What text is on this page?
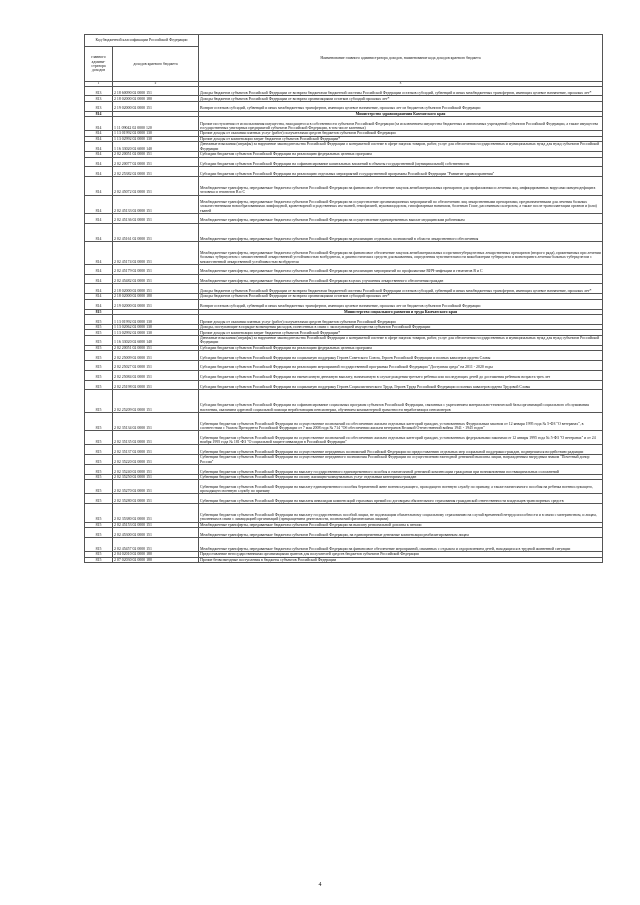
Код бюджетной классификации Российской Федерации		Наименование главного администратора доходов, наименование кода доходов краевого бюджета
главного админи-стратора доходов	доходов краевого бюджета	
1	2	3
813	2 18 60090 02 0000 151	Доходы бюджетов субъектов Российской Федерации от возврата бюджетами бюджетной системы Российской Федерации остатков субсидий, субвенций и иных межбюджетных трансфертов, имеющих целевое назначение, прошлых лет*
813	2 18 02000 02 0000 180	Доходы бюджетов субъектов Российской Федерации от возврата организациями остатков субсидий прошлых лет*
813	2 19 02000 02 0000 151	Возврат остатков субсидий, субвенций и иных межбюджетных трансфертов, имеющих целевое назначение, прошлых лет из бюджетов субъектов Российской Федерации
814		Министерство здравоохранения Камчатского края
814	1 11 09042 02 0000 120	Прочие поступления от использования имущества, находящегося в собственности субъектов Российской Федерации (за исключением имущества бюджетных и автономных учреждений субъектов Российской Федерации, а также имущества государственных унитарных предприятий субъектов Российской Федерации, в том числе казенных)
814	1 13 01992 02 0000 130	Прочие доходы от оказания платных услуг (работ) получателями средств бюджетов субъектов Российской Федерации
814	1 13 02992 02 0000 130	Прочие доходы от компенсации затрат бюджетов субъектов Российской Федерации*
814	1 16 33020 02 6000 140	Денежные взыскания (штрафы) за нарушение законодательства Российской Федерации о контрактной системе в сфере закупок товаров, работ, услуг для обеспечения государственных и муниципальных нужд для нужд субъектов Российской Федерации
814	2 02 20051 02 0000 151	Субсидии бюджетам субъектов Российской Федерации на реализацию федеральных целевых программ
814	2 02 20077 02 0000 151	Субсидии бюджетам субъектов Российской Федерации на софинансирование капитальных вложений в объекты государственной (муниципальной) собственности
814	2 02 25382 02 0000 151	Субсидии бюджетам субъектов Российской Федерации на реализацию отдельных мероприятий государственной программы Российской Федерации "Развитие здравоохранения"
814	2 02 45072 02 0000 151	Межбюджетные трансферты, передаваемые бюджетам субъектов Российской Федерации на финансовое обеспечение закупок антибактериальных препаратов для профилактики и лечения лиц, инфицированных вирусами иммунодефицита человека и гепатитов B и C
814	2 02 45133 02 0000 151	Межбюджетные трансферты, передаваемые бюджетам субъектов Российской Федерации на осуществление организационных мероприятий по обеспечению лиц лекарственными препаратами, предназначенными для лечения больных злокачественными новообразованиями лимфоидной, кроветворной и родственных им тканей, гемофилией, муковисцидозом, гипофизарным нанизмом, болезнью Гоше, рассеянным склерозом, а также после трансплантации органов и (или) тканей
814	2 02 45136 02 0000 151	Межбюджетные трансферты, передаваемые бюджетам субъектов Российской Федерации на осуществление единовременных выплат медицинским работникам
814	2 02 45161 02 0000 151	Межбюджетные трансферты, передаваемые бюджетам субъектов Российской Федерации на реализацию отдельных полномочий в области лекарственного обеспечения
814	2 02 45174 02 0000 151	Межбюджетные трансферты, передаваемые бюджетам субъектов Российской Федерации на финансовое обеспечение закупок антибактериальных и противотуберкулезных лекарственных препаратов (второго ряда), применяемых при лечении больных туберкулезом с множественной лекарственной устойчивостью возбудителя, и диагностических средств для выявления, определения чувствительности микобактерии туберкулеза и мониторинга лечения больных туберкулезом с множественной лекарственной устойчивостью возбудителя
814	2 02 45179 02 0000 151	Межбюджетные трансферты, передаваемые бюджетам субъектов Российской Федерации на реализацию мероприятий по профилактике ВИЧ-инфекции и гепатитов B и C
814	2 02 45482 02 0000 151	Межбюджетные трансферты, передаваемые бюджетам субъектов Российской Федерации в целях улучшения лекарственного обеспечения граждан
814	2 18 02000 02 0000 151	Доходы бюджетов субъектов Российской Федерации от возврата бюджетами бюджетной системы Российской Федерации остатков субсидий, субвенций и иных межбюджетных трансфертов, имеющих целевое назначение, прошлых лет*
814	2 18 02000 02 0000 180	Доходы бюджетов субъектов Российской Федерации от возврата организациями остатков субсидий прошлых лет*
814	2 19 02000 02 0000 151	Возврат остатков субсидий, субвенций и иных межбюджетных трансфертов, имеющих целевое назначение, прошлых лет из бюджетов субъектов Российской Федерации
815		Министерство социального развития и труда Камчатского края
815	1 13 01992 02 0000 130	Прочие доходы от оказания платных услуг (работ) получателями средств бюджетов субъектов Российской Федерации
815	1 13 02062 02 0000 130	Доходы, поступающие в порядке возмещения расходов, понесенных в связи с эксплуатацией имущества субъектов Российской Федерации
815	1 13 02992 02 0000 130	Прочие доходы от компенсации затрат бюджетов субъектов Российской Федерации*
815	1 16 33020 02 6000 140	Денежные взыскания (штрафы) за нарушение законодательства Российской Федерации о контрактной системе в сфере закупок товаров, работ, услуг для обеспечения государственных и муниципальных нужд для нужд субъектов Российской Федерации
815	2 02 20051 02 0000 151	Субсидии бюджетам субъектов Российской Федерации на реализацию федеральных целевых программ
815	2 02 25009 02 0000 151	Субсидии бюджетам субъектов Российской Федерации на социальную поддержку Героев Советского Союза, Героев Российской Федерации и полных кавалеров ордена Славы
815	2 02 25027 02 0000 151	Субсидии бюджетам субъектов Российской Федерации на реализацию мероприятий государственной программы Российской Федерации "Доступная среда" на 2011 - 2020 годы
815	2 02 25084 02 0000 151	Субсидии бюджетам субъектов Российской Федерации на ежемесячную денежную выплату, назначаемую в случае рождения третьего ребенка или последующих детей до достижения ребенком возраста трех лет
815	2 02 25198 02 0000 151	Субсидии бюджетам субъектов Российской Федерации на социальную поддержку Героев Социалистического Труда, Героев Труда Российской Федерации и полных кавалеров ордена Трудовой Славы
815	2 02 25209 02 0000 151	Субсидии бюджетам субъектов Российской Федерации на софинансирование социальных программ субъектов Российской Федерации, связанных с укреплением материально-технической базы организаций социального обслуживания населения, оказанием адресной социальной помощи неработающим пенсионерам, обучением компьютерной грамотности неработающих пенсионеров
815	2 02 35134 02 0000 151	Субвенции бюджетам субъектов Российской Федерации на осуществление полномочий по обеспечению жильем отдельных категорий граждан, установленных Федеральным законом от 12 января 1995 года № 5-ФЗ "О ветеранах", в соответствии с Указом Президента Российской Федерации от 7 мая 2008 года № 714 "Об обеспечении жильем ветеранов Великой Отечественной войны 1941 - 1945 годов"
815	2 02 35135 02 0000 151	Субвенции бюджетам субъектов Российской Федерации на осуществление полномочий по обеспечению жильем отдельных категорий граждан, установленных федеральными законами от 12 января 1995 года № 5-ФЗ "О ветеранах" и от 24 ноября 1995 года № 181-ФЗ "О социальной защите инвалидов в Российской Федерации"
815	2 02 35137 02 0000 151	Субвенции бюджетам субъектов Российской Федерации на осуществление переданных полномочий Российской Федерации по предоставлению отдельных мер социальной поддержки граждан, подвергшихся воздействию радиации
815	2 02 35220 02 0000 151	Субвенции бюджетам субъектов Российской Федерации на осуществление переданного полномочия Российской Федерации по осуществлению ежегодной денежной выплаты лицам, награжденным нагрудным знаком "Почетный донор России"
815	2 02 35240 02 0000 151	Субвенции бюджетам субъектов Российской Федерации на выплату государственного единовременного пособия и ежемесячной денежной компенсации гражданам при возникновении поствакцинальных осложнений
815	2 02 35250 02 0000 151	Субвенции бюджетам субъектов Российской Федерации на оплату жилищно-коммунальных услуг отдельным категориям граждан
815	2 02 35270 02 0000 151	Субвенции бюджетам субъектов Российской Федерации на выплату единовременного пособия беременной жене военнослужащего, проходящего военную службу по призыву, а также ежемесячного пособия на ребенка военнослужащего, проходящего военную службу по призыву
815	2 02 35280 02 0000 151	Субвенции бюджетам субъектов Российской Федерации на выплаты инвалидам компенсаций страховых премий по договорам обязательного страхования гражданской ответственности владельцев транспортных средств
815	2 02 35380 02 0000 151	Субвенции бюджетам субъектов Российской Федерации на выплату государственных пособий лицам, не подлежащим обязательному социальному страхованию на случай временной нетрудоспособности и в связи с материнством, и лицам, уволенным в связи с ликвидацией организаций (прекращением деятельности, полномочий физическими лицами)
815	2 02 45153 02 0000 151	Межбюджетные трансферты, передаваемые бюджетам субъектов Российской Федерации на выплату региональной доплаты к пенсии
815	2 02 45300 02 0000 151	Межбюджетные трансферты, передаваемые бюджетам субъектов Российской Федерации, на единовременные денежные компенсации реабилитированным лицам
815	2 02 45457 02 0000 151	Межбюджетные трансферты, передаваемые бюджетам субъектов Российской Федерации на финансовое обеспечение мероприятий, связанных с отдыхом и оздоровлением детей, находящихся в трудной жизненной ситуации
815	2 04 02010 02 0000 180	Предоставление негосударственными организациями грантов для получателей средств бюджетов субъектов Российской Федерации
815	2 07 02030 02 0000 180	Прочие безвозмездные поступления в бюджеты субъектов Российской Федерации
4
